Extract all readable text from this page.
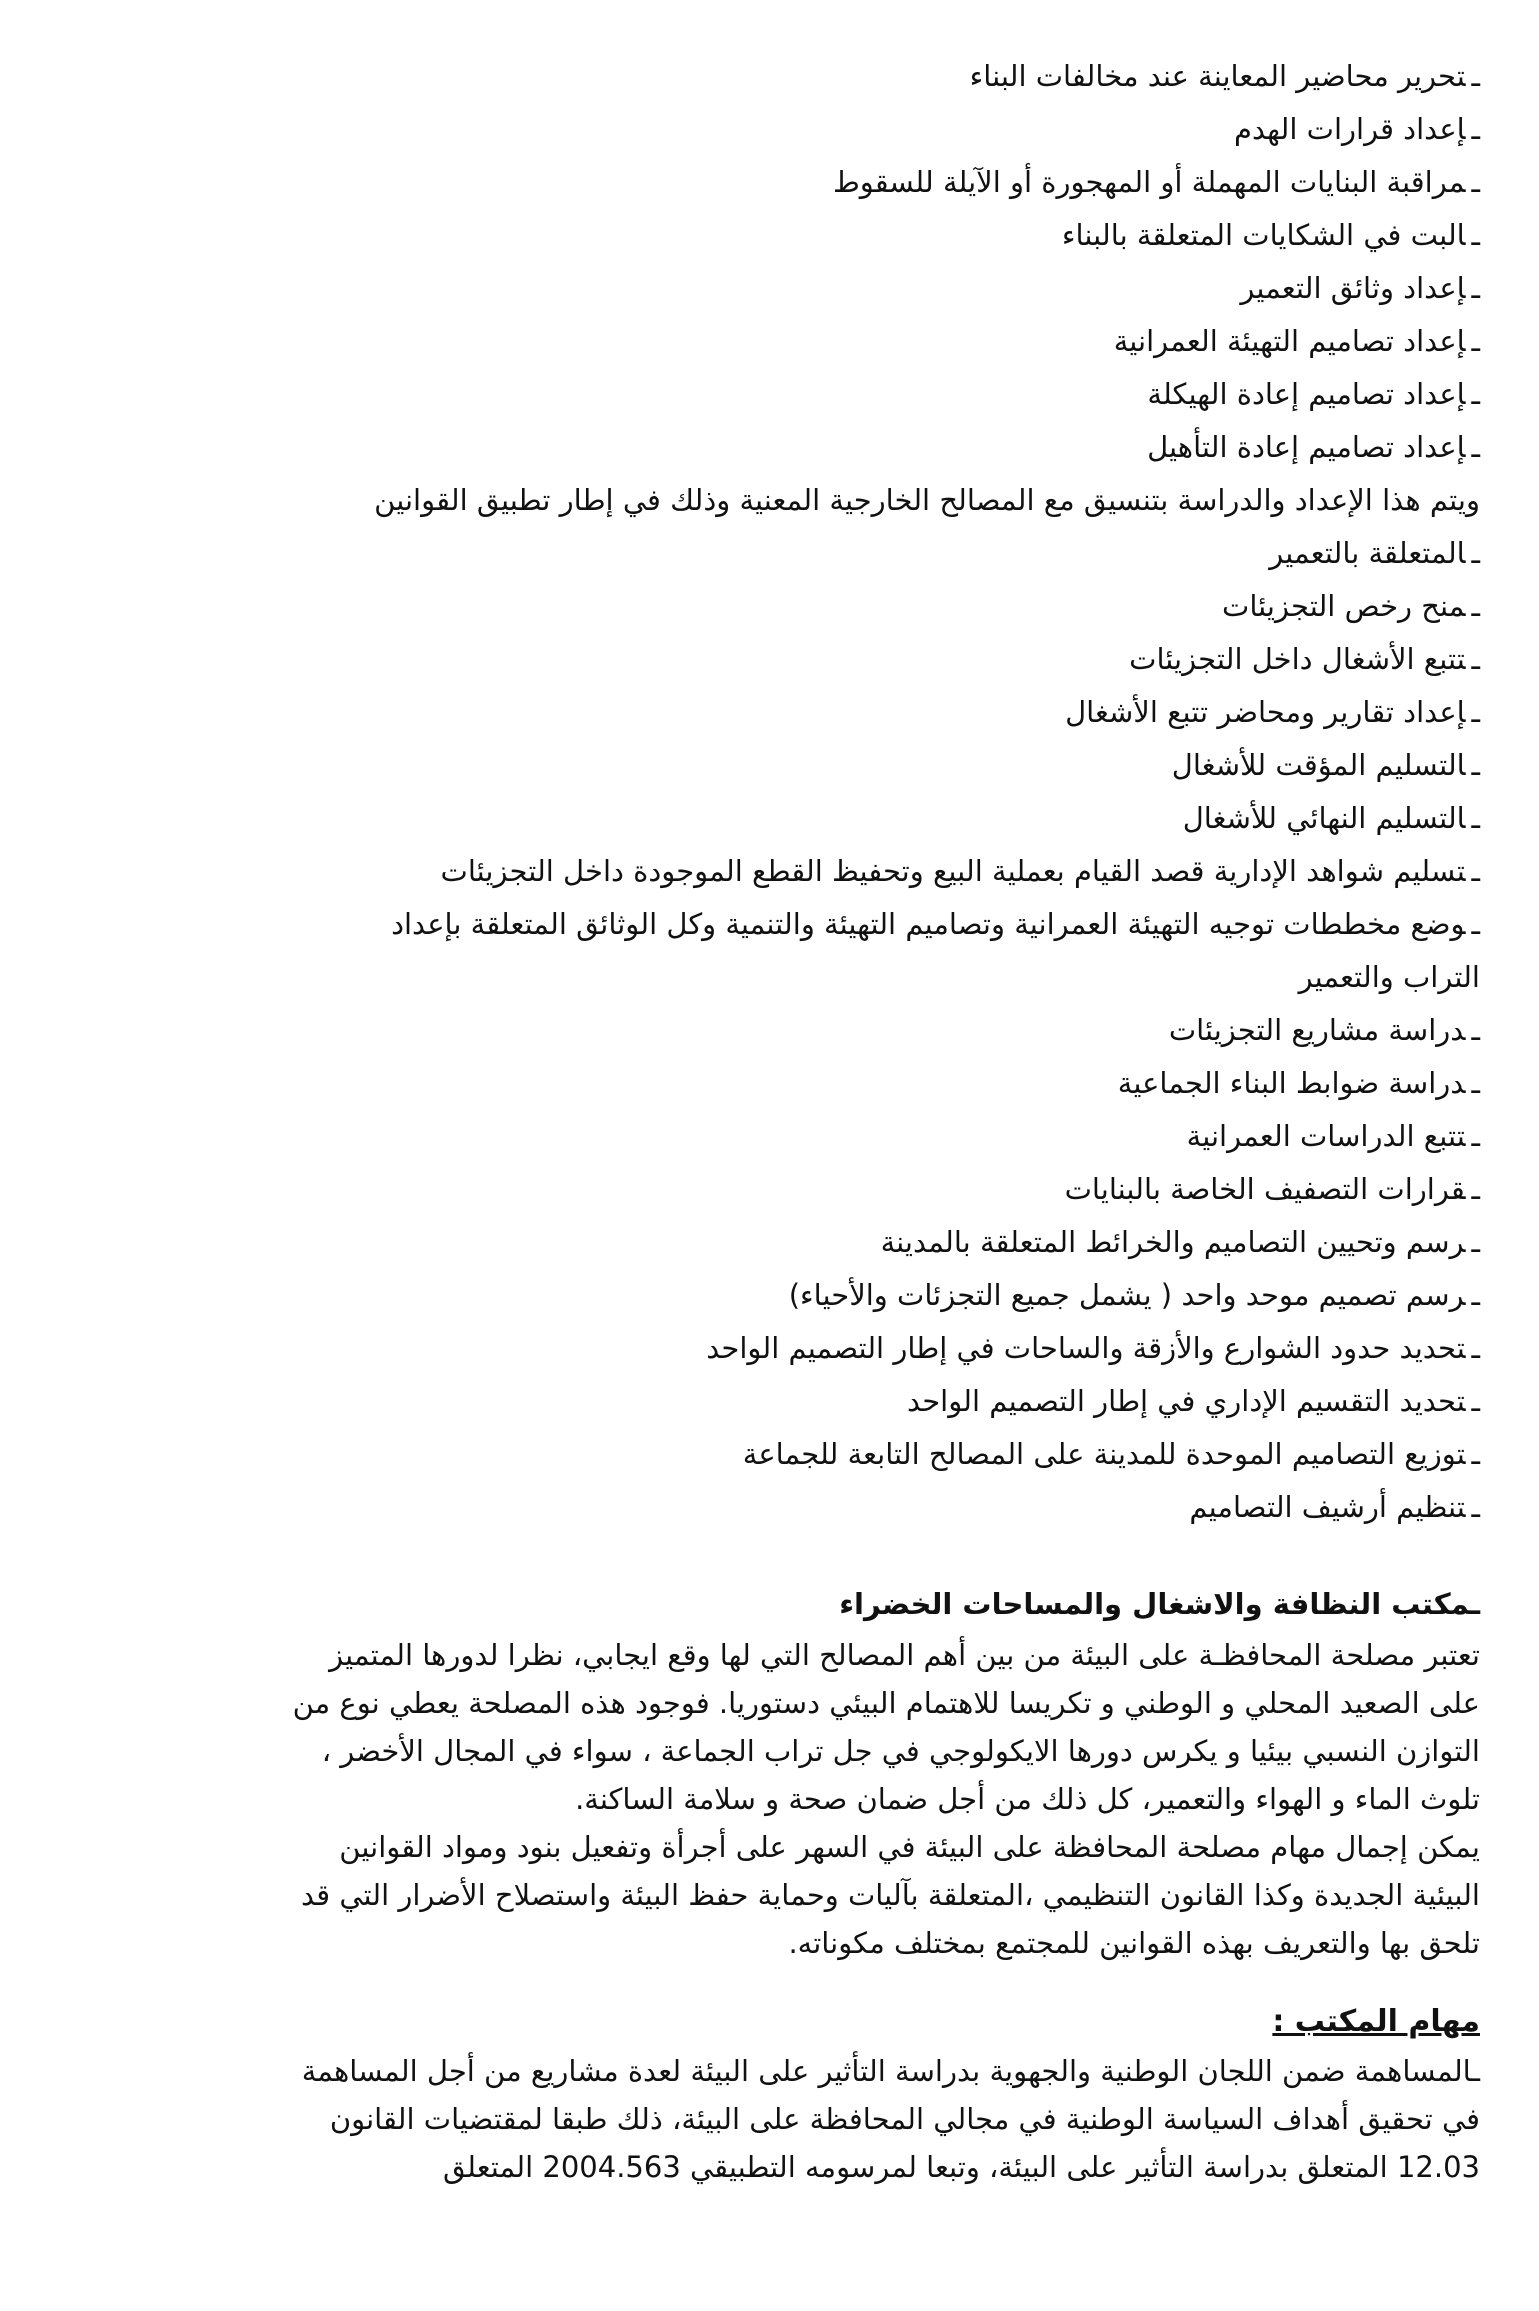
ـتحرير محاضير المعاينة عند مخالفات البناء
ـإعداد قرارات الهدم
ـمراقبة البنايات المهملة أو المهجورة أو الآيلة للسقوط
ـالبت في الشكايات المتعلقة بالبناء
ـإعداد وثائق التعمير
ـإعداد تصاميم التهيئة العمرانية
ـإعداد تصاميم إعادة الهيكلة
ـإعداد تصاميم إعادة التأهيل
ويتم هذا الإعداد والدراسة بتنسيق مع المصالح الخارجية المعنية وذلك في إطار تطبيق القوانين
ـالمتعلقة بالتعمير
ـمنح رخص التجزيئات
ـتتبع الأشغال داخل التجزيئات
ـإعداد تقارير ومحاضر تتبع الأشغال
ـالتسليم المؤقت للأشغال
ـالتسليم النهائي للأشغال
ـتسليم شواهد الإدارية قصد القيام بعملية البيع وتحفيظ القطع الموجودة داخل التجزيئات
ـوضع مخططات توجيه التهيئة العمرانية وتصاميم التهيئة والتنمية وكل الوثائق المتعلقة بإعداد
التراب والتعمير
ـدراسة مشاريع التجزيئات
ـدراسة ضوابط البناء الجماعية
ـتتبع الدراسات العمرانية
ـقرارات التصفيف الخاصة بالبنايات
ـرسم وتحيين التصاميم والخرائط المتعلقة بالمدينة
ـرسم تصميم موحد واحد ( يشمل جميع التجزئات والأحياء)
ـتحديد حدود الشوارع والأزقة والساحات في إطار التصميم الواحد
ـتحديد التقسيم الإداري في إطار التصميم الواحد
ـتوزيع التصاميم الموحدة للمدينة على المصالح التابعة للجماعة
ـتنظيم أرشيف التصاميم
ـمكتب النظافة والاشغال والمساحات الخضراء
تعتبر مصلحة المحافظـة على البيئة من بين أهم المصالح التي لها وقع ايجابي، نظرا لدورها المتميز
على الصعيد المحلي و الوطني و تكريسا للاهتمام البيئي دستوريا. فوجود هذه المصلحة يعطي نوع من
التوازن النسبي بيئيا و يكرس دورها الايكولوجي في جل تراب الجماعة ، سواء في المجال الأخضر ،
تلوث الماء و الهواء والتعمير، كل ذلك من أجل ضمان صحة و سلامة الساكنة.
يمكن إجمال مهام مصلحة المحافظة على البيئة في السهر على أجرأة وتفعيل بنود ومواد القوانين
البيئية الجديدة وكذا القانون التنظيمي ،المتعلقة بآليات وحماية حفظ البيئة واستصلاح الأضرار التي قد
تلحق بها والتعريف بهذه القوانين للمجتمع بمختلف مكوناته.
مهام المكتب :
ـالمساهمة ضمن اللجان الوطنية والجهوية بدراسة التأثير على البيئة لعدة مشاريع من أجل المساهمة
في تحقيق أهداف السياسة الوطنية في مجالي المحافظة على البيئة، ذلك طبقا لمقتضيات القانون
12.03 المتعلق بدراسة التأثير على البيئة، وتبعا لمرسومه التطبيقي 2004.563 المتعلق
